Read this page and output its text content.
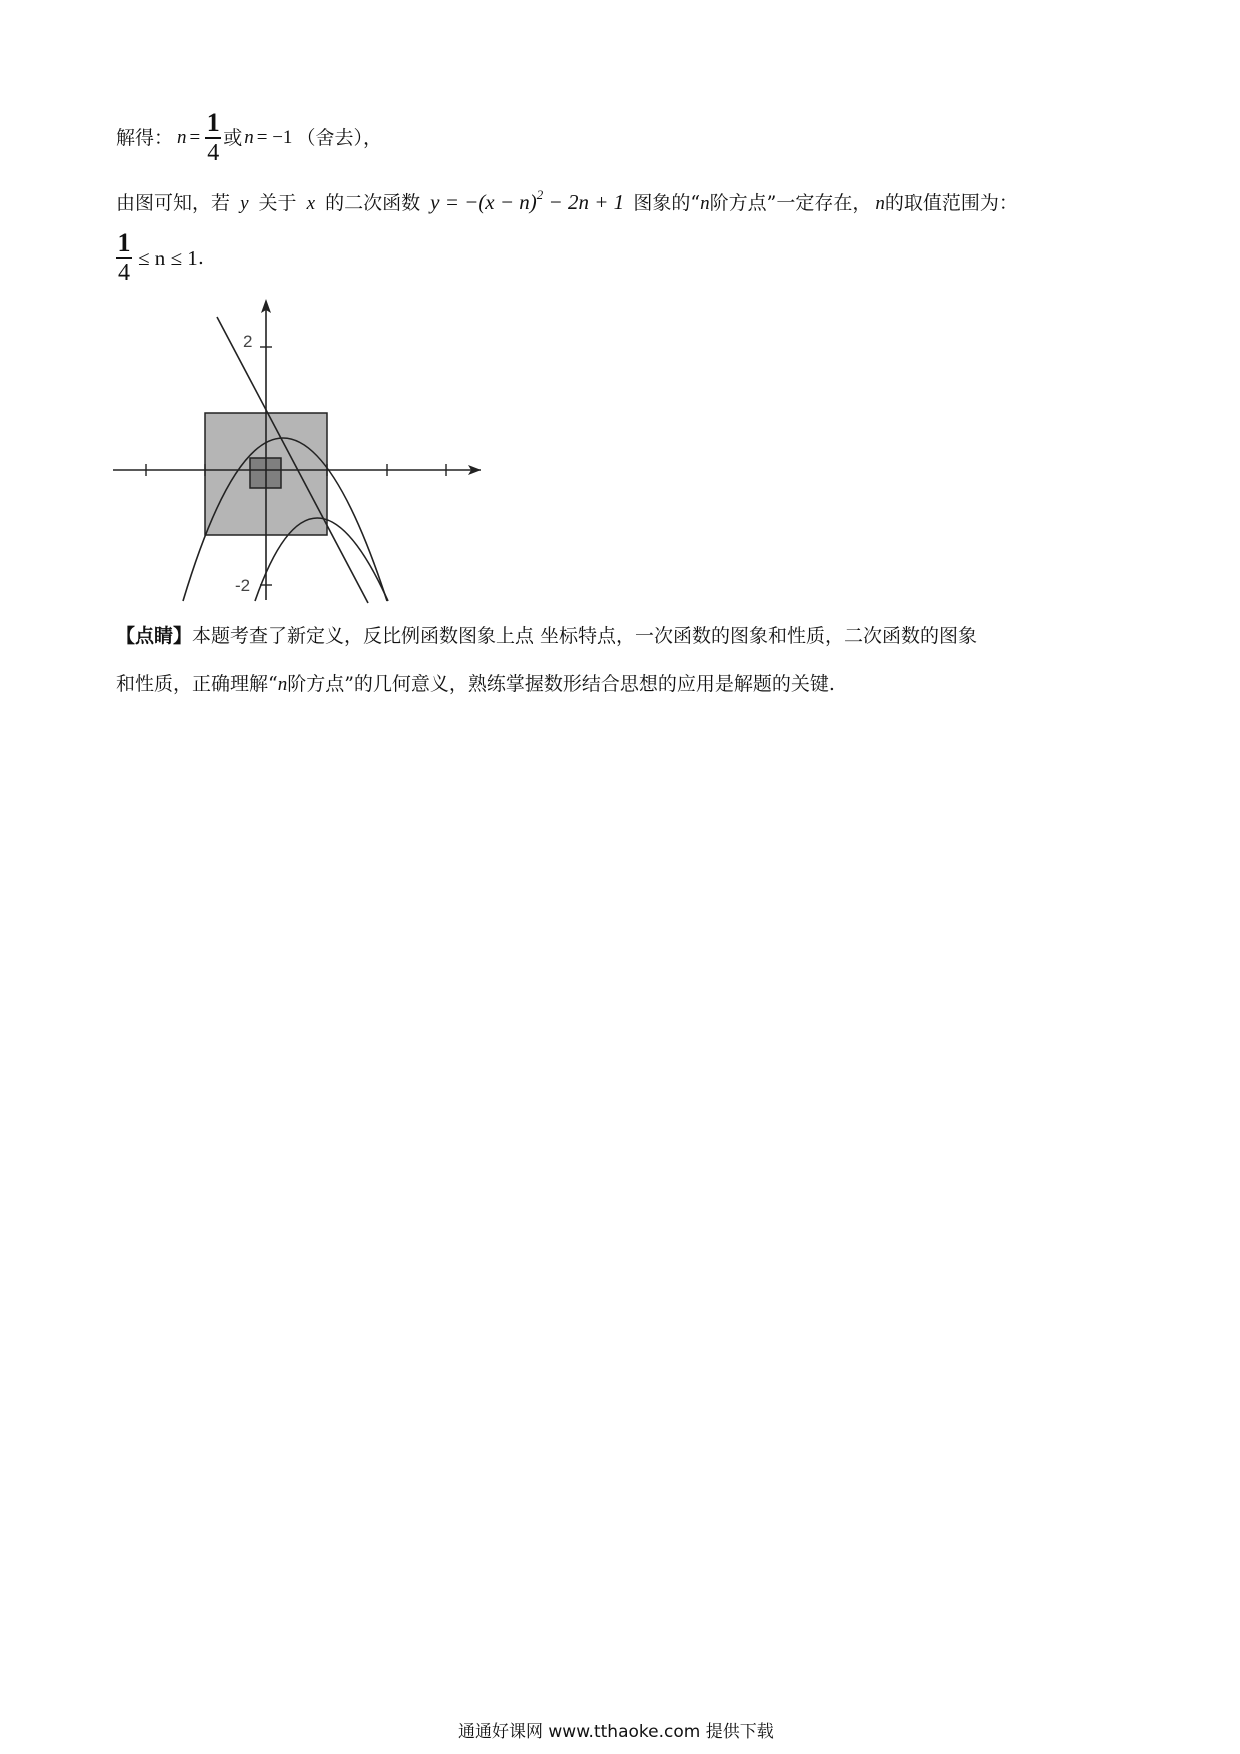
解得： $n = \frac{1}{4}$ 或 n = −1 （舍去），
由图可知，若 y 关于 x 的二次函数 $y = -(x - n)^2 - 2n + 1$ 图象的“n阶方点”一定存在， n的取值范围为：
$\frac{1}{4} \le n \le 1$ .
2
-2
【点睛】本题考查了新定义，反比例函数图象上点 坐标特点，一次函数的图象和性质，二次函数的图象
和性质，正确理解“n阶方点”的几何意义，熟练掌握数形结合思想的应用是解题的关键.
通通好课网 www.tthaoke.com 提供下载
